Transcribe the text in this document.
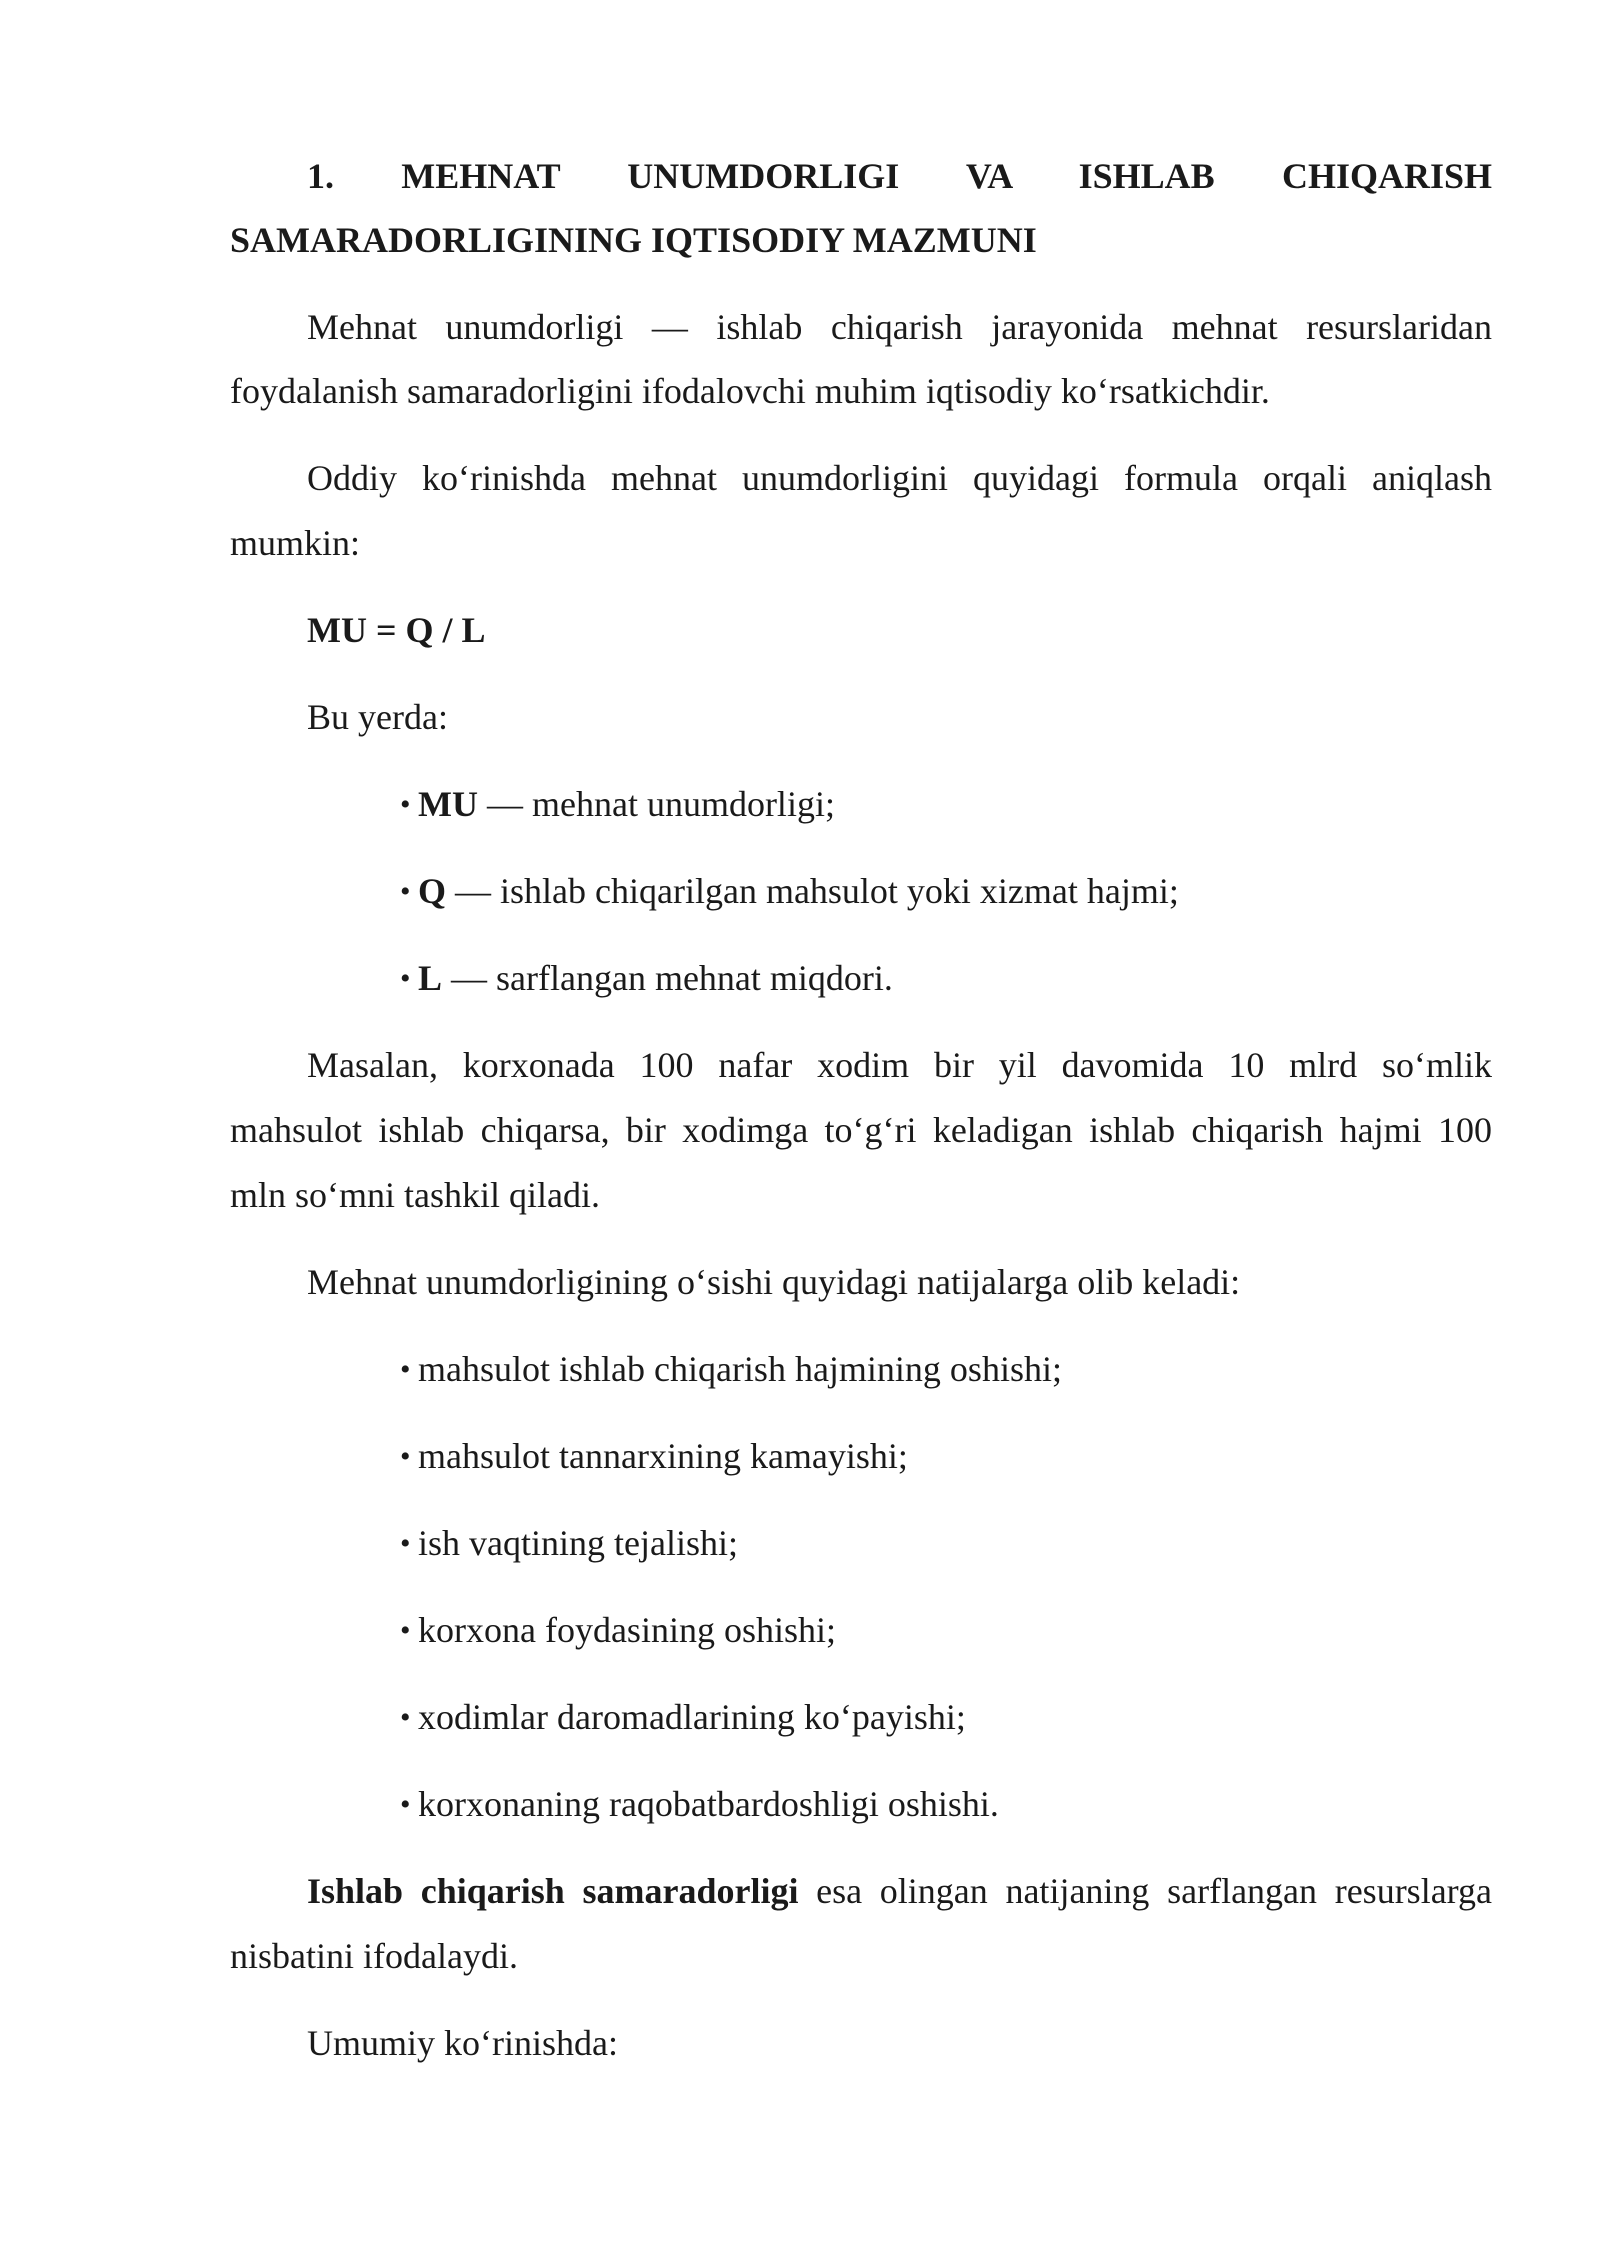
1. MEHNAT UNUMDORLIGI VA ISHLAB CHIQARISH
SAMARADORLIGINING IQTISODIY MAZMUNI
Mehnat unumdorligi — ishlab chiqarish jarayonida mehnat resurslaridan
foydalanish samaradorligini ifodalovchi muhim iqtisodiy koʻrsatkichdir.
Oddiy koʻrinishda mehnat unumdorligini quyidagi formula orqali aniqlash
mumkin:
MU = Q / L
Bu yerda:
• MU — mehnat unumdorligi;
• Q — ishlab chiqarilgan mahsulot yoki xizmat hajmi;
• L — sarflangan mehnat miqdori.
Masalan, korxonada 100 nafar xodim bir yil davomida 10 mlrd soʻmlik
mahsulot ishlab chiqarsa, bir xodimga toʻgʻri keladigan ishlab chiqarish hajmi 100
mln soʻmni tashkil qiladi.
Mehnat unumdorligining oʻsishi quyidagi natijalarga olib keladi:
• mahsulot ishlab chiqarish hajmining oshishi;
• mahsulot tannarxining kamayishi;
• ish vaqtining tejalishi;
• korxona foydasining oshishi;
• xodimlar daromadlarining koʻpayishi;
• korxonaning raqobatbardoshligi oshishi.
Ishlab chiqarish samaradorligi esa olingan natijaning sarflangan resurslarga
nisbatini ifodalaydi.
Umumiy koʻrinishda:
